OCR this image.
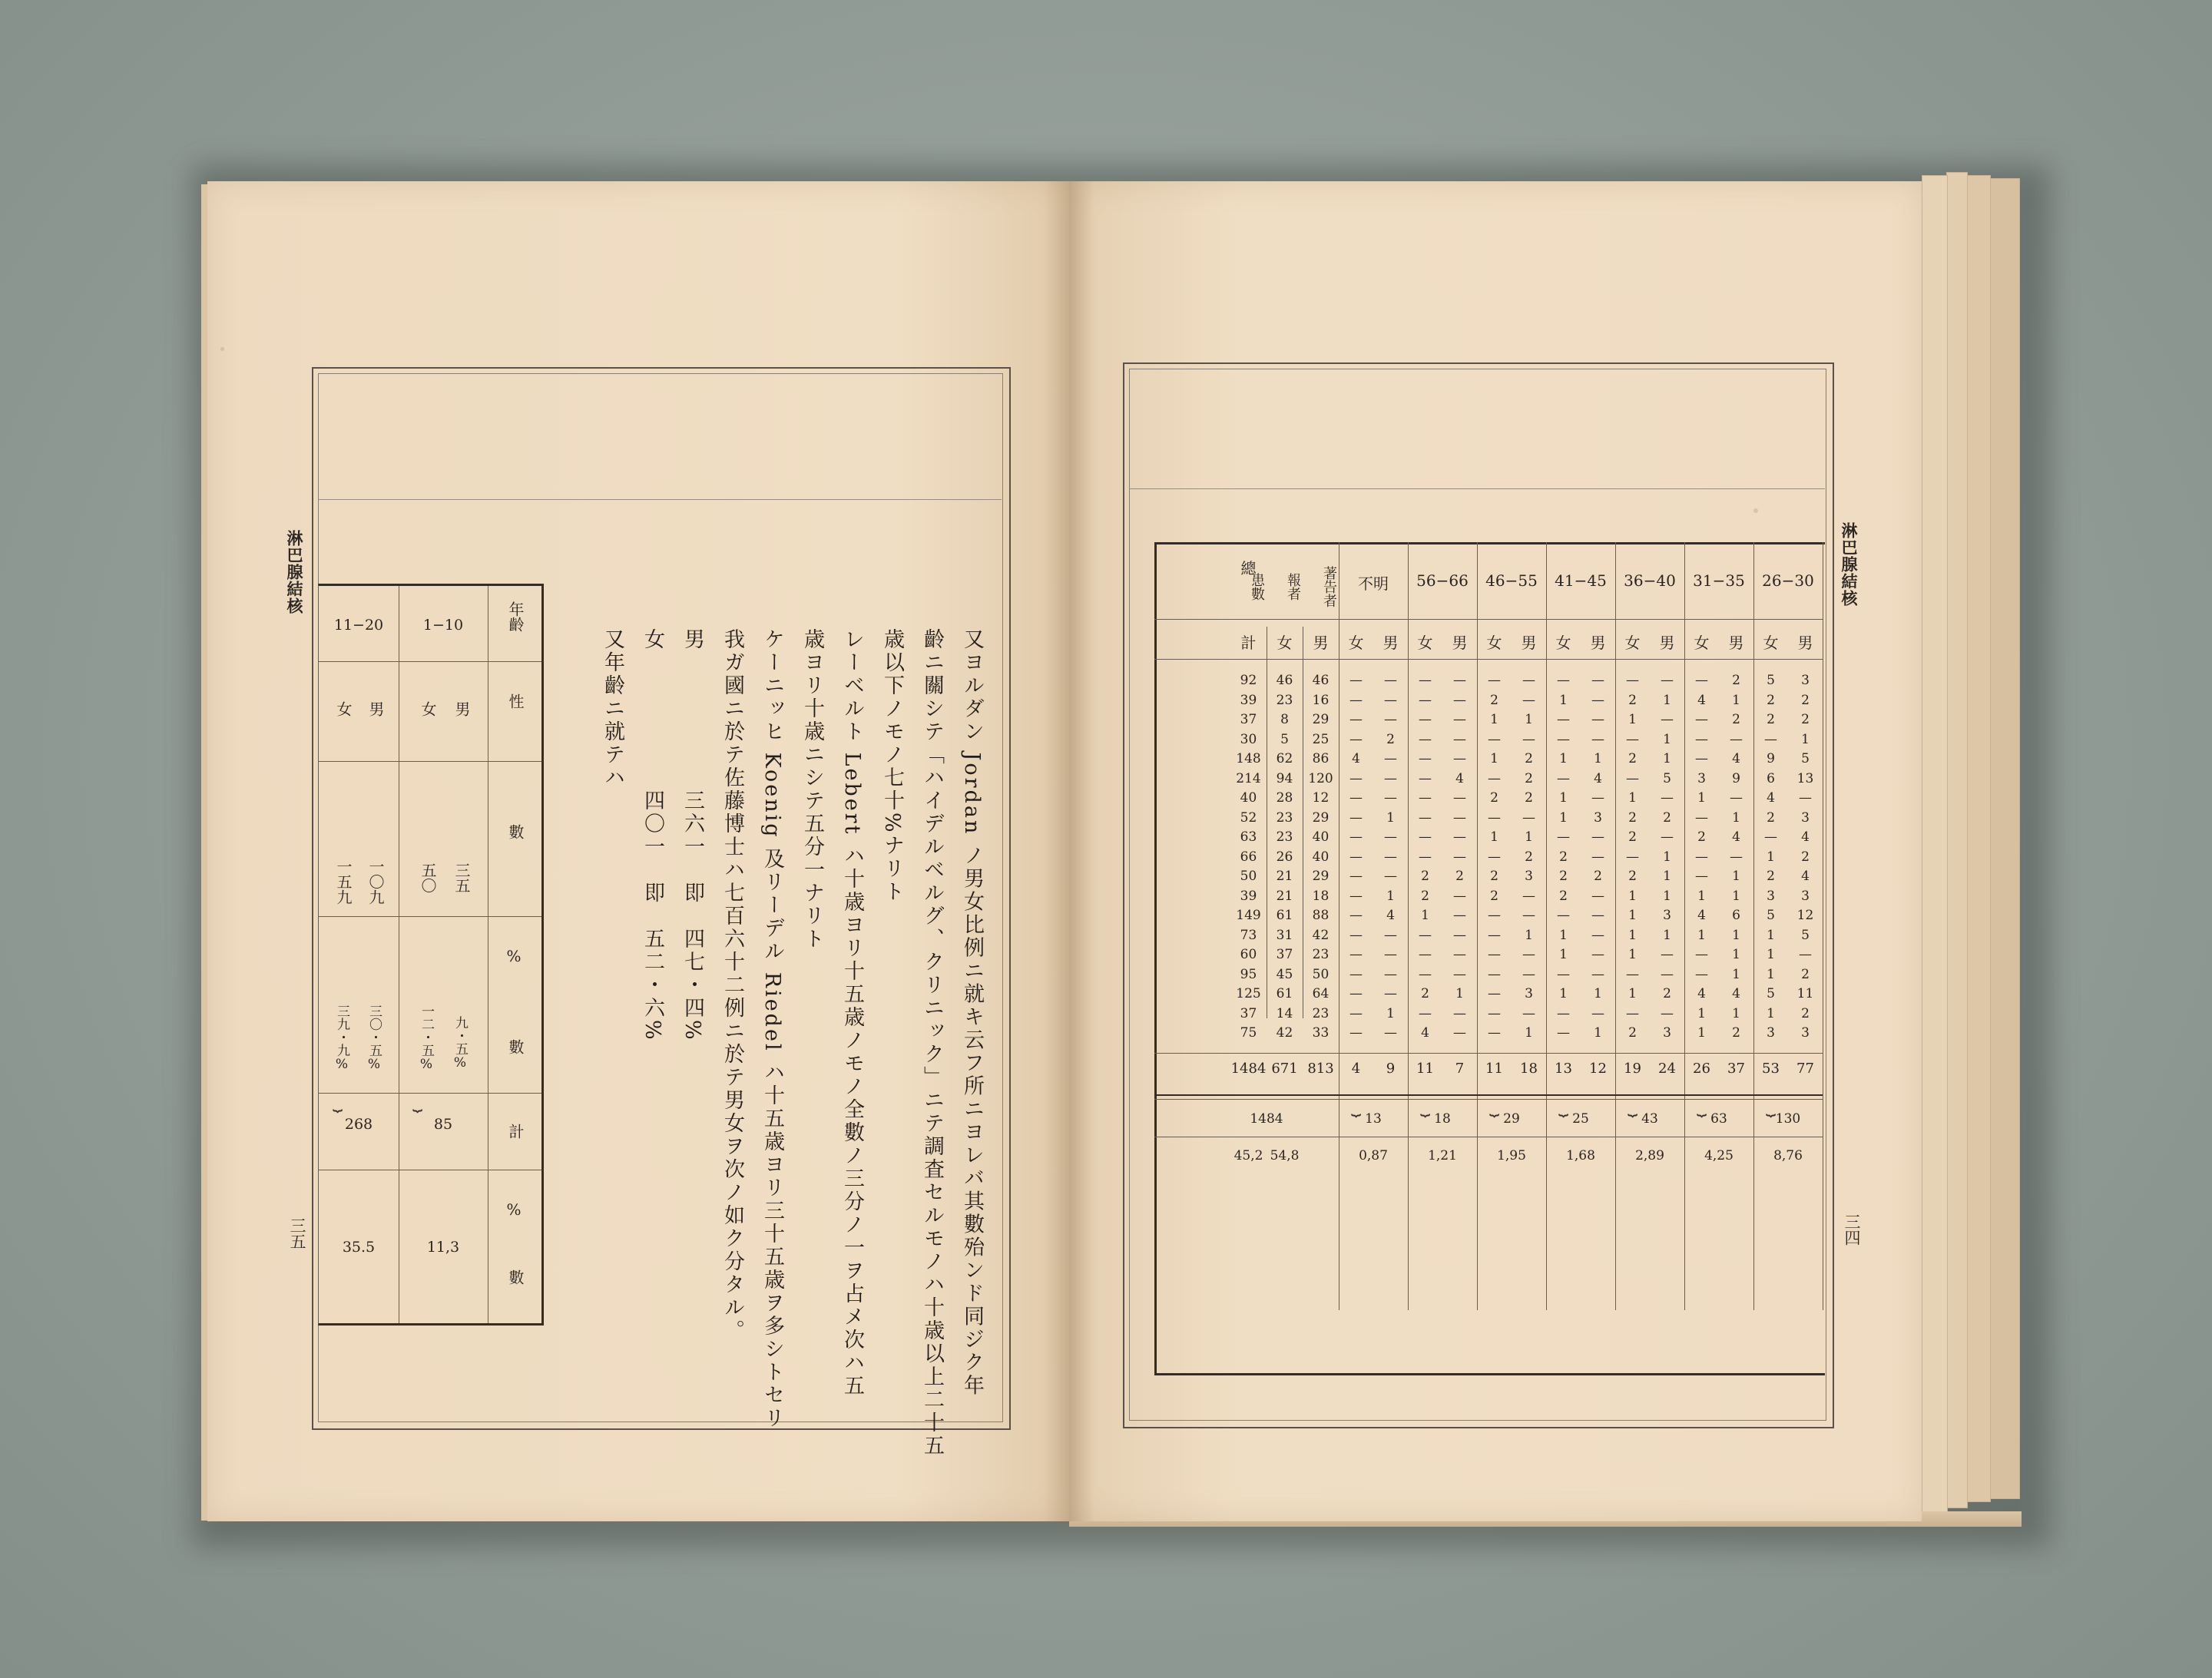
淋巴腺結核
三五	又ヨルダン Jordan ノ男女比例ニ就キ云フ所ニヨレバ其數殆ンド同ジク年
齡ニ關シテ「ハイデルベルグ、クリニック」ニテ調査セルモノハ十歳以上二十五
歳以下ノモノ七十%ナリト
レーベルト Lebert ハ十歳ヨリ十五歳ノモノ全數ノ三分ノ一ヲ占メ次ハ五
歳ヨリ十歳ニシテ五分一ナリト
ケーニッヒ Koenig 及リーデル Riedel ハ十五歳ヨリ三十五歳ヲ多シトセリ
我ガ國ニ於テ佐藤博士ハ七百六十二例ニ於テ男女ヲ次ノ如ク分タル。
男　　　　　　三六一　即　四七・四%
女　　　　　　四〇一　即　五二・六%
又年齡ニ就テハ
年齡
性
數
%
數
計
%
數
1−10
男
女
三五
五〇
九・五%
一二・五%
⏟
85
11,3
11−20
男
女
一〇九
一五九
三〇・五%
三九・九%
⏟
268
35.5
淋巴腺結核
三四
26−30
男
女
31−35
男
女
36−40
男
女
41−45
男
女
46−55
男
女
56−66
男
女
不明
男
女
總	著告者
報者
患數
男
女
計
3
5
2
—
—
—
—
—
—
—
—
—
—
—
46
46
92
2
2
1
4
1
2
—
1
—
2
—
—
—
—
16
23
39
2
2
2
—
—
1
—
—
1
1
—
—
—
—
29
8
37
1
—
—
—
1
—
—
—
—
—
—
—
2
—
25
5
30
5
9
4
—
1
2
1
1
2
1
—
—
—
4
86
62
148
13
6
9
3
5
—
4
—
2
—
4
—
—
—
120
94
214
—
4
—
1
—
1
—
1
2
2
—
—
—
—
12
28
40
3
2
1
—
2
2
3
1
—
—
—
—
1
—
29
23
52
4
—
4
2
—
2
—
—
1
1
—
—
—
—
40
23
63
2
1
—
—
1
—
—
2
2
—
—
—
—
—
40
26
66
4
2
1
—
1
2
2
2
3
2
2
2
—
—
29
21
50
3
3
1
1
1
1
—
2
—
2
—
2
1
—
18
21
39
12
5
6
4
3
1
—
—
—
—
—
1
4
—
88
61
149
5
1
1
1
1
1
—
1
1
—
—
—
—
—
42
31
73
—
1
1
—
—
1
—
1
—
—
—
—
—
—
23
37
60
2
1
1
—
—
—
—
—
—
—
—
—
—
—
50
45
95
11
5
4
4
2
1
1
1
3
—
1
2
—
—
64
61
125
2
1
1
1
—
—
—
—
—
—
—
—
1
—
23
14
37
3
3
2
1
3
2
1
—
1
—
—
4
—
—
33
42
75
77
53
37
26
24
19
12
13
18
11
7
11
9
4
813
671
1484
⏟
130
8,76
⏟
63
4,25
⏟
43
2,89
⏟
25
1,68
⏟
29
1,95
⏟
18
1,21
⏟
13
0,87
1484
45,2 54,8
